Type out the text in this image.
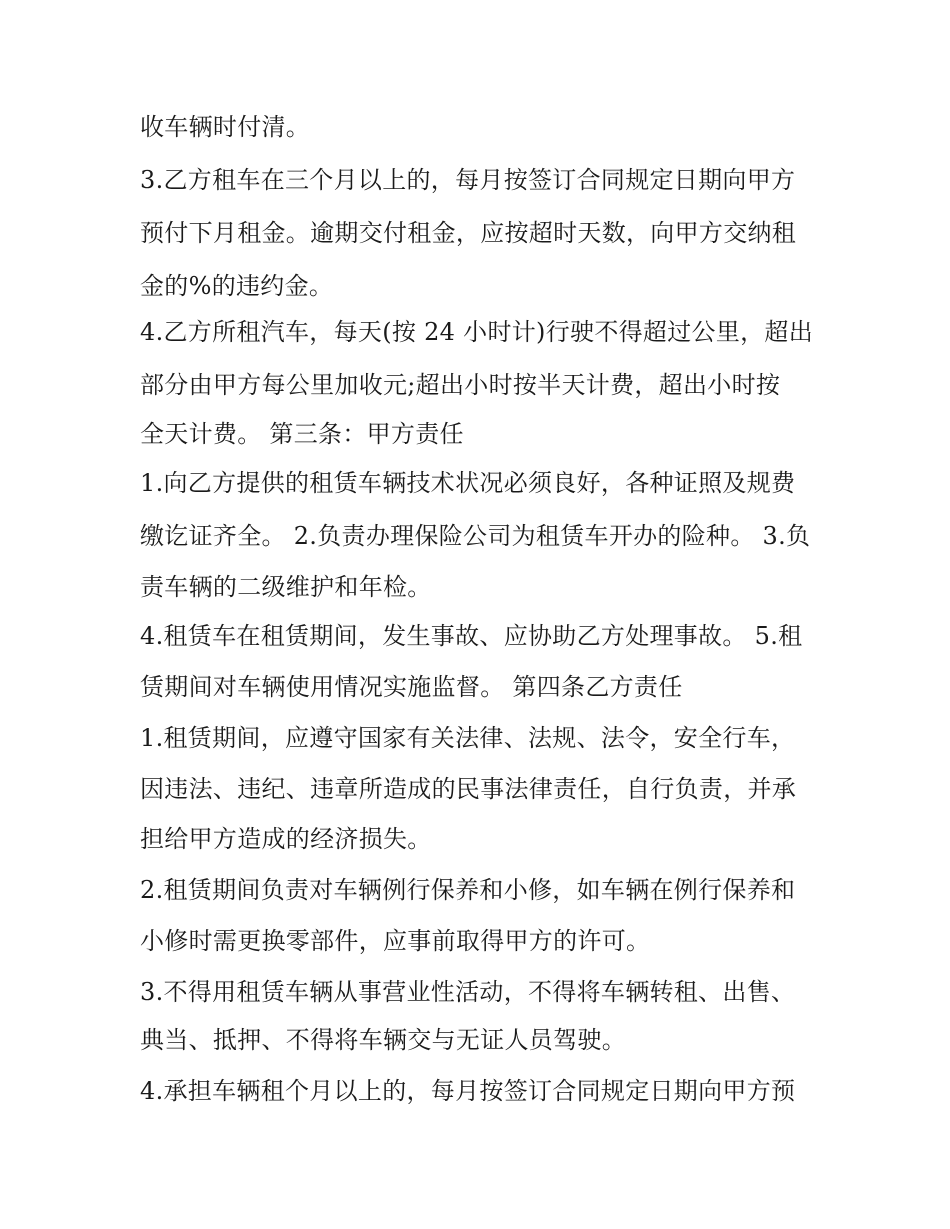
收车辆时付清。
3.乙方租车在三个月以上的，每月按签订合同规定日期向甲方
预付下月租金。逾期交付租金，应按超时天数，向甲方交纳租
金的%的违约金。
4.乙方所租汽车，每天(按 24 小时计)行驶不得超过公里，超出
部分由甲方每公里加收元;超出小时按半天计费，超出小时按
全天计费。 第三条：甲方责任
1.向乙方提供的租赁车辆技术状况必须良好，各种证照及规费
缴讫证齐全。 2.负责办理保险公司为租赁车开办的险种。 3.负
责车辆的二级维护和年检。
4.租赁车在租赁期间，发生事故、应协助乙方处理事故。 5.租
赁期间对车辆使用情况实施监督。 第四条乙方责任
1.租赁期间，应遵守国家有关法律、法规、法令，安全行车，
因违法、违纪、违章所造成的民事法律责任，自行负责，并承
担给甲方造成的经济损失。
2.租赁期间负责对车辆例行保养和小修，如车辆在例行保养和
小修时需更换零部件，应事前取得甲方的许可。
3.不得用租赁车辆从事营业性活动，不得将车辆转租、出售、
典当、抵押、不得将车辆交与无证人员驾驶。
4.承担车辆租个月以上的，每月按签订合同规定日期向甲方预
